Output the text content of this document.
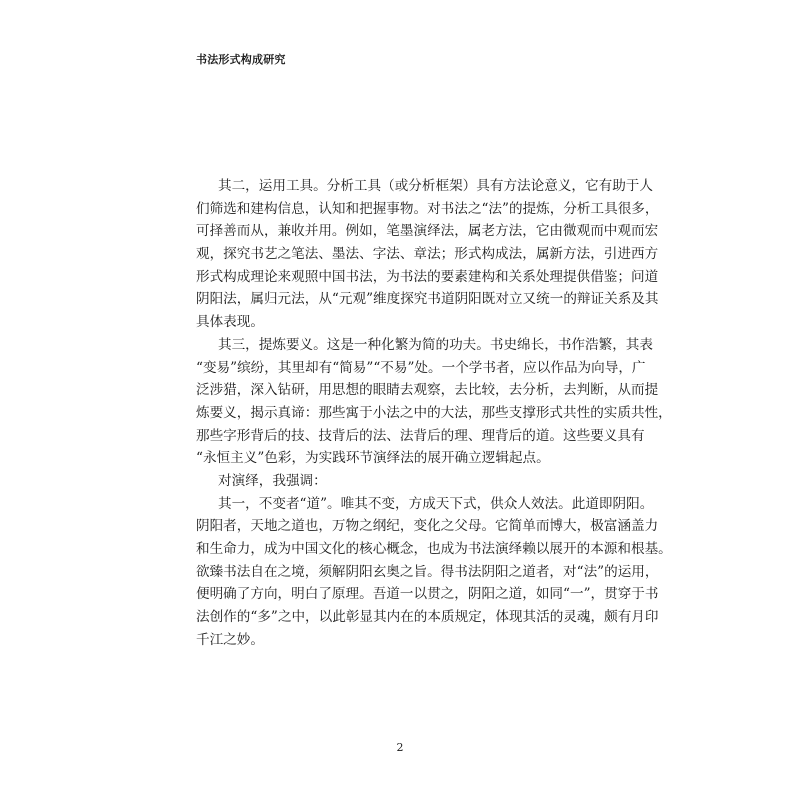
书法形式构成研究
其二，运用工具。分析工具（或分析框架）具有方法论意义，它有助于人
们筛选和建构信息，认知和把握事物。对书法之“法”的提炼，分析工具很多，
可择善而从，兼收并用。例如，笔墨演绎法，属老方法，它由微观而中观而宏
观，探究书艺之笔法、墨法、字法、章法；形式构成法，属新方法，引进西方
形式构成理论来观照中国书法，为书法的要素建构和关系处理提供借鉴；问道
阴阳法，属归元法，从“元观”维度探究书道阴阳既对立又统一的辩证关系及其
具体表现。
其三，提炼要义。这是一种化繁为简的功夫。书史绵长，书作浩繁，其表
“变易”缤纷，其里却有“简易”“不易”处。一个学书者，应以作品为向导，广
泛涉猎，深入钻研，用思想的眼睛去观察，去比较，去分析，去判断，从而提
炼要义，揭示真谛：那些寓于小法之中的大法，那些支撑形式共性的实质共性，
那些字形背后的技、技背后的法、法背后的理、理背后的道。这些要义具有
“永恒主义”色彩，为实践环节演绎法的展开确立逻辑起点。
对演绎，我强调：
其一，不变者“道”。唯其不变，方成天下式，供众人效法。此道即阴阳。
阴阳者，天地之道也，万物之纲纪，变化之父母。它简单而博大，极富涵盖力
和生命力，成为中国文化的核心概念，也成为书法演绎赖以展开的本源和根基。
欲臻书法自在之境，须解阴阳玄奥之旨。得书法阴阳之道者，对“法”的运用，
便明确了方向，明白了原理。吾道一以贯之，阴阳之道，如同“一”，贯穿于书
法创作的“多”之中，以此彰显其内在的本质规定，体现其活的灵魂，颇有月印
千江之妙。
2
